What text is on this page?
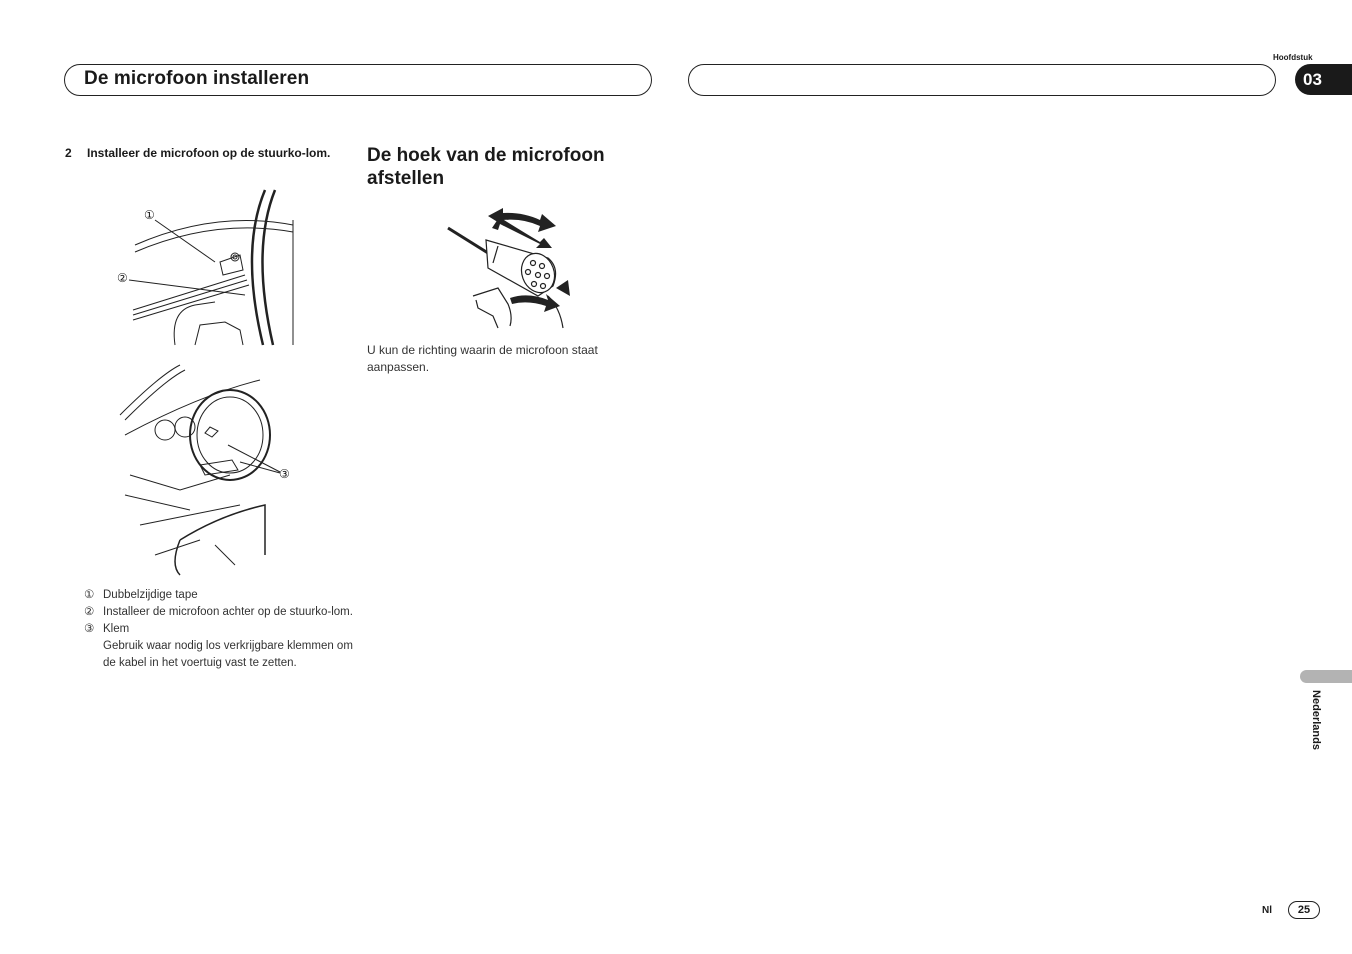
De microfoon installeren
Hoofdstuk
03
2 Installeer de microfoon op de stuurko-lom.
①
②
③
① Dubbelzijdige tape
② Installeer de microfoon achter op de stuurko-lom.
③ Klem
Gebruik waar nodig los verkrijgbare klemmen om de kabel in het voertuig vast te zetten.
De hoek van de microfoon afstellen
U kun de richting waarin de microfoon staat aanpassen.
Nederlands
Nl 25
